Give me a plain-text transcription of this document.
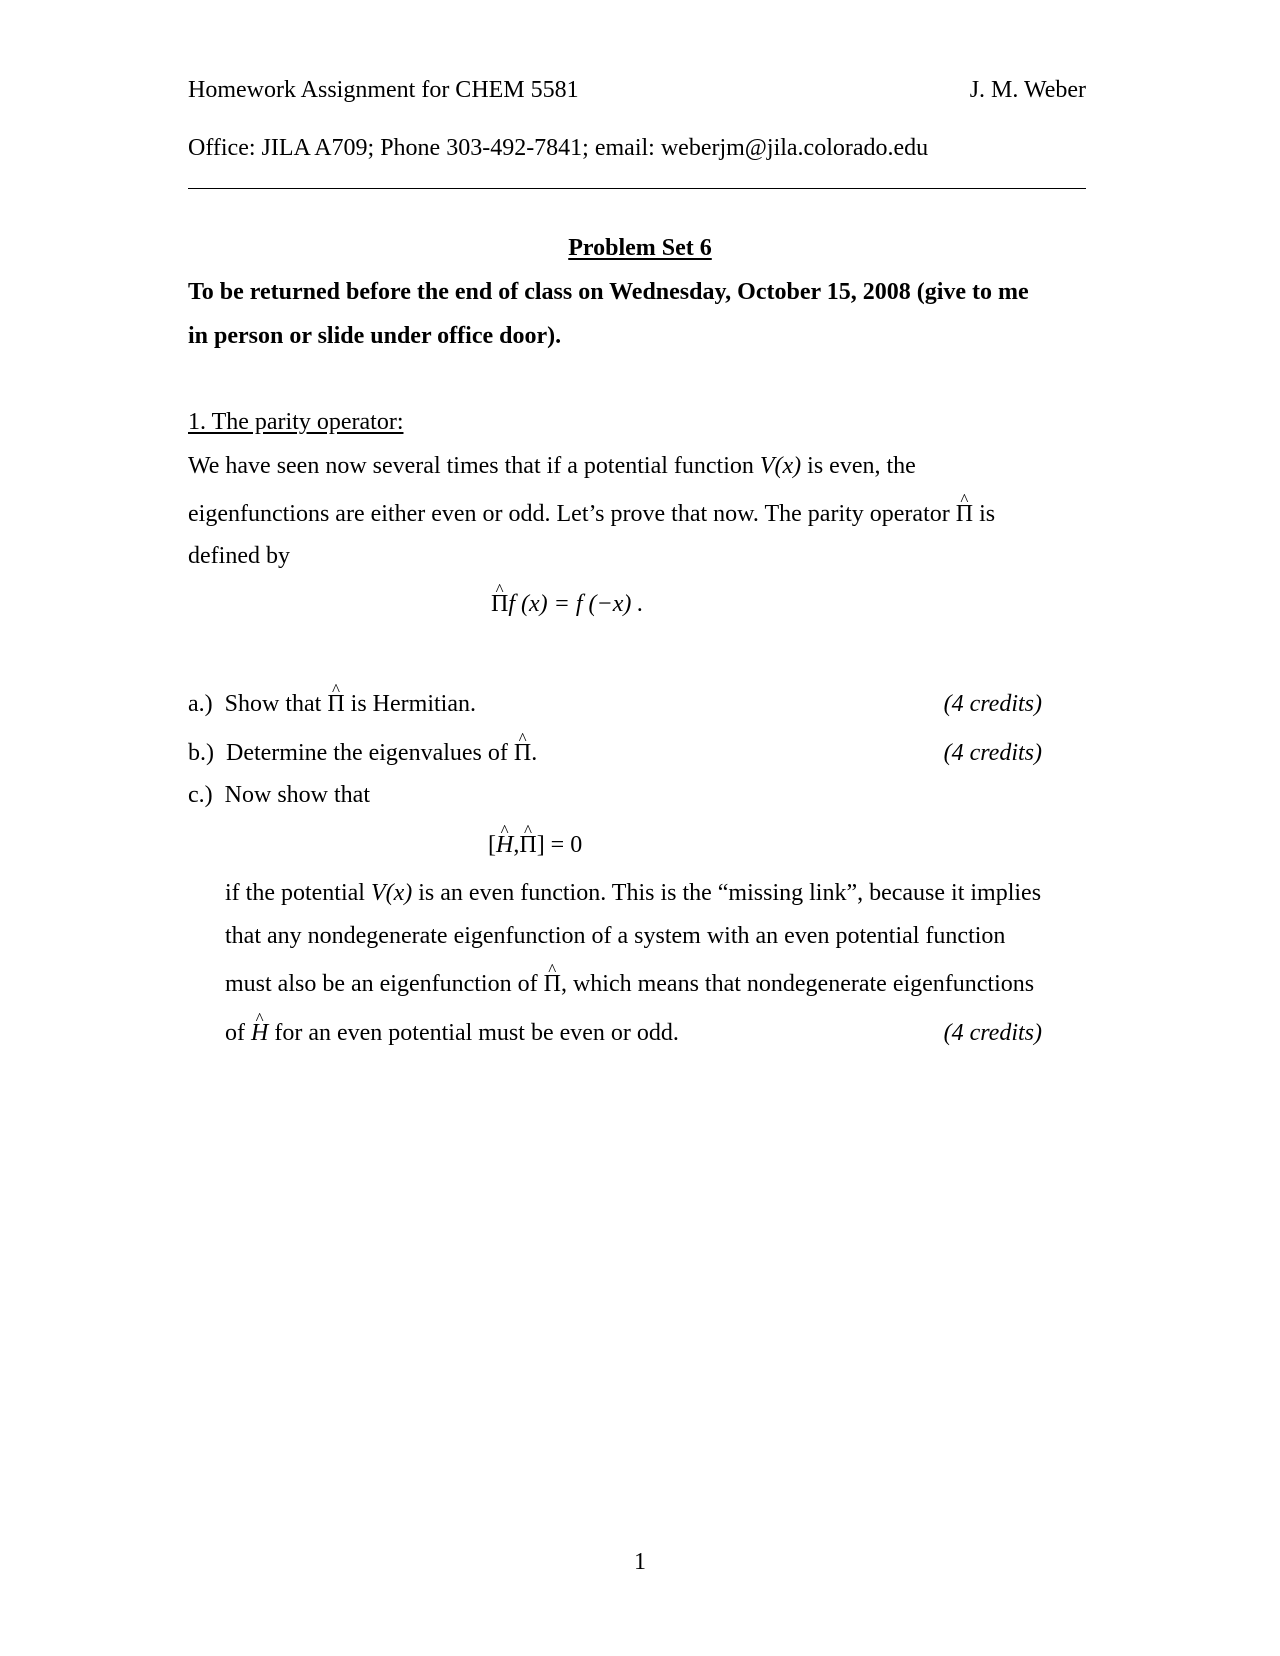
Homework Assignment for CHEM 5581	J. M. Weber
Office: JILA A709; Phone 303-492-7841; email: weberjm@jila.colorado.edu
Problem Set 6
To be returned before the end of class on Wednesday, October 15, 2008 (give to me
in person or slide under office door).
1. The parity operator:
We have seen now several times that if a potential function V(x) is even, the
eigenfunctions are either even or odd. Let’s prove that now. The parity operator ^ Π is
defined by
^ Πf (x) = f (−x) .
a.) Show that ^ Π is Hermitian.	(4 credits)
b.) Determine the eigenvalues of ^ Π.	(4 credits)
c.) Now show that
[^ H,^ Π] = 0
if the potential V(x) is an even function. This is the “missing link”, because it implies
that any nondegenerate eigenfunction of a system with an even potential function
must also be an eigenfunction of ^ Π, which means that nondegenerate eigenfunctions
of ^ H for an even potential must be even or odd.	(4 credits)
1
